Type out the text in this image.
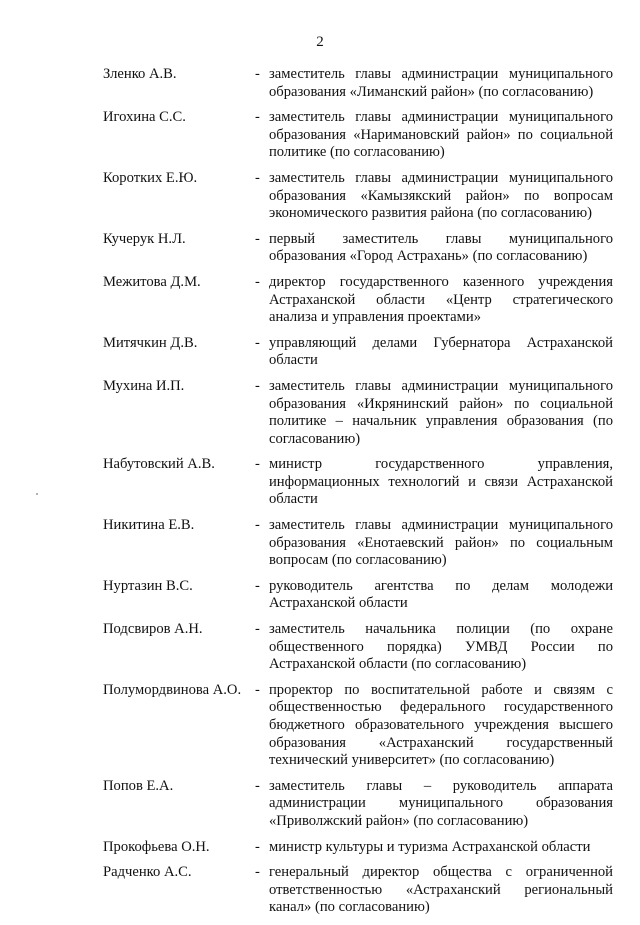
2
Зленко А.В.	- заместитель главы администрации муниципального образования «Лиманский район» (по согласованию)
Игохина С.С.	- заместитель главы администрации муниципального образования «Наримановский район» по социальной политике (по согласованию)
Коротких Е.Ю.	- заместитель главы администрации муниципального образования «Камызякский район» по вопросам экономического развития района (по согласованию)
Кучерук Н.Л.	- первый заместитель главы муниципального образования «Город Астрахань» (по согласованию)
Межитова Д.М.	- директор государственного казенного учреждения Астраханской области «Центр стратегического анализа и управления проектами»
Митячкин Д.В.	- управляющий делами Губернатора Астраханской области
Мухина И.П.	- заместитель главы администрации муниципального образования «Икрянинский район» по социальной политике – начальник управления образования (по согласованию)
Набутовский А.В.	- министр государственного управления, информационных технологий и связи Астраханской области
Никитина Е.В.	- заместитель главы администрации муниципального образования «Енотаевский район» по социальным вопросам (по согласованию)
Нуртазин В.С.	- руководитель агентства по делам молодежи Астраханской области
Подсвиров А.Н.	- заместитель начальника полиции (по охране общественного порядка) УМВД России по Астраханской области (по согласованию)
Полумордвинова А.О. - проректор по воспитательной работе и связям с общественностью федерального государственного бюджетного образовательного учреждения высшего образования «Астраханский государственный технический университет» (по согласованию)
Попов Е.А.	- заместитель главы – руководитель аппарата администрации муниципального образования «Приволжский район» (по согласованию)
Прокофьева О.Н.	- министр культуры и туризма Астраханской области
Радченко А.С.	- генеральный директор общества с ограниченной ответственностью «Астраханский региональный канал» (по согласованию)
